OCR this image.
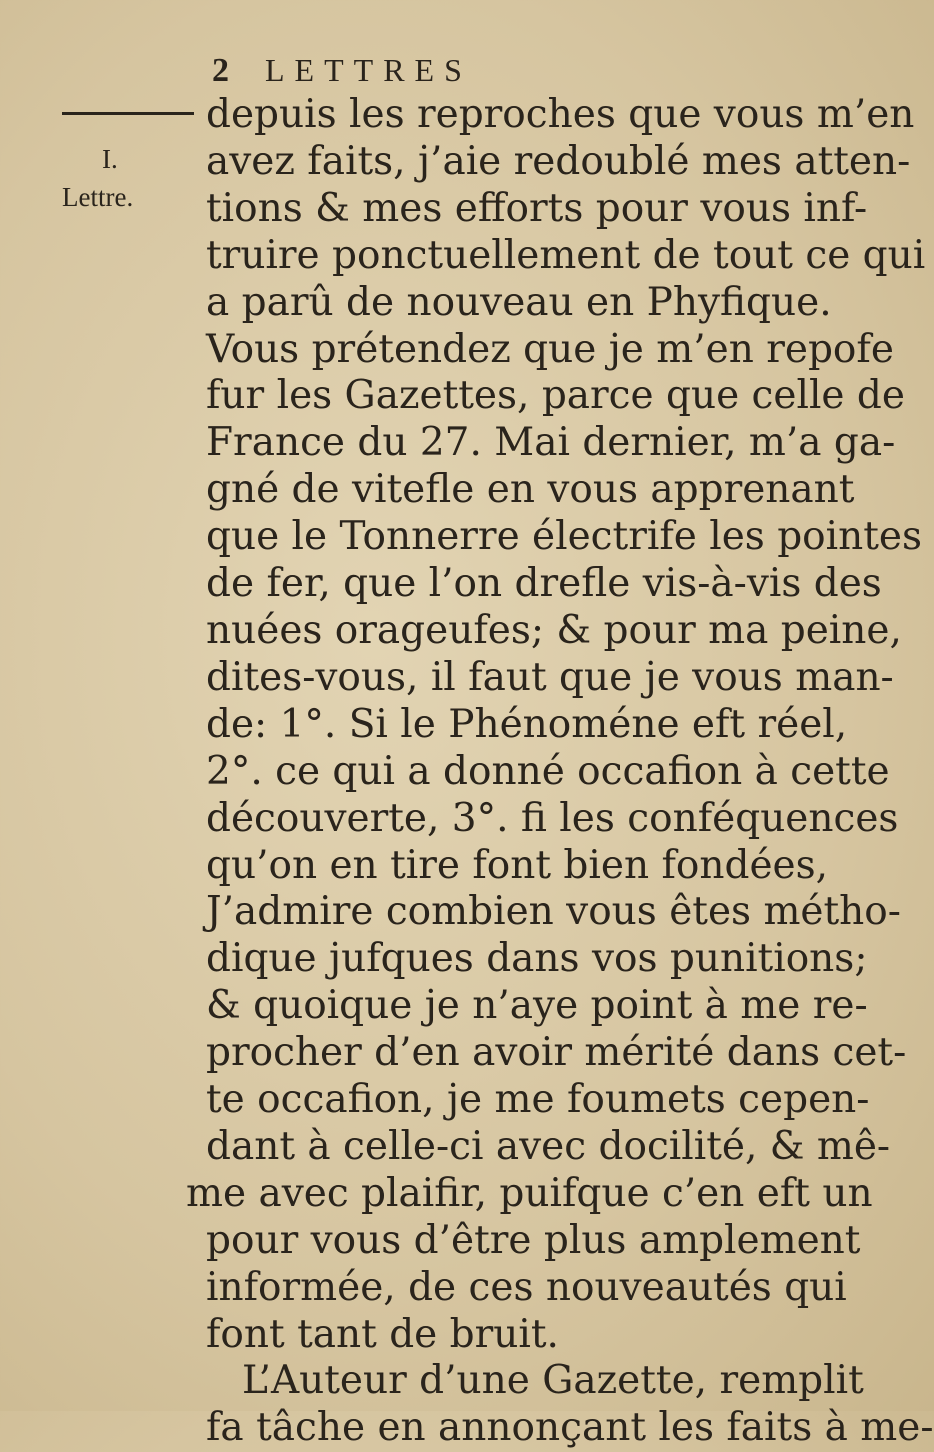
2 LETTRES
I.
Lettre.
depuis les reproches que vous m’en
avez faits, j’aie redoublé mes atten-
tions & mes efforts pour vous inf-
truire ponctuellement de tout ce qui
a parû de nouveau en Phyfique.
Vous prétendez que je m’en repofe
fur les Gazettes, parce que celle de
France du 27. Mai dernier, m’a ga-
gné de vitefle en vous apprenant
que le Tonnerre électrife les pointes
de fer, que l’on drefle vis-à-vis des
nuées orageufes; & pour ma peine,
dites-vous, il faut que je vous man-
de: 1°. Si le Phénoméne eft réel,
2°. ce qui a donné occafion à cette
découverte, 3°. fi les conféquences
qu’on en tire font bien fondées,
J’admire combien vous êtes métho-
dique jufques dans vos punitions;
& quoique je n’aye point à me re-
procher d’en avoir mérité dans cet-
te occafion, je me foumets cepen-
dant à celle-ci avec docilité, & mê-
me avec plaifir, puifque c’en eft un
pour vous d’être plus amplement
informée, de ces nouveautés qui
font tant de bruit.
L’Auteur d’une Gazette, remplit
fa tâche en annonçant les faits à me-
